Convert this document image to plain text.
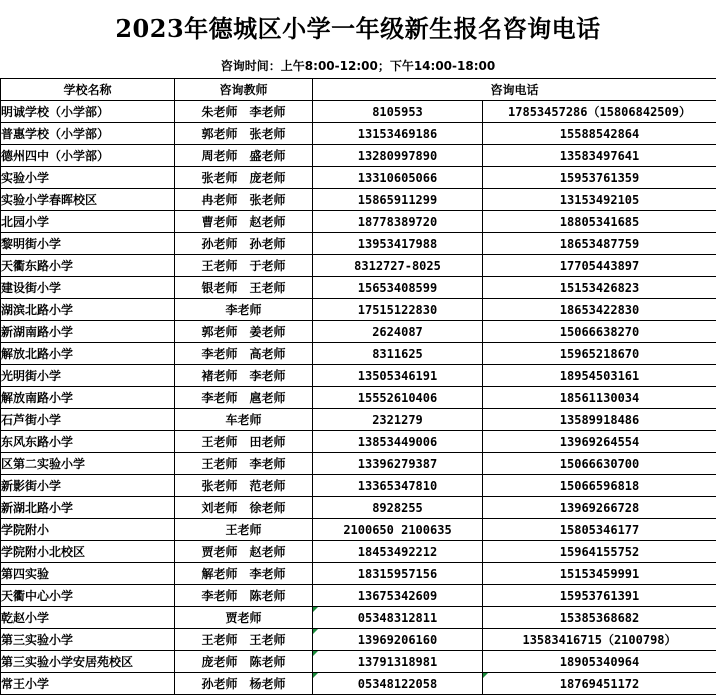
2023年德城区小学一年级新生报名咨询电话
咨询时间：上午8:00-12:00；下午14:00-18:00
学校名称	咨询教师	咨询电话	
明诚学校（小学部）	朱老师　李老师	8105953	17853457286（15806842509）
普惠学校（小学部）	郭老师　张老师	13153469186	15588542864
德州四中（小学部）	周老师　盛老师	13280997890	13583497641
实验小学	张老师　庞老师	13310605066	15953761359
实验小学春晖校区	冉老师　张老师	15865911299	13153492105
北园小学	曹老师　赵老师	18778389720	18805341685
黎明街小学	孙老师　孙老师	13953417988	18653487759
天衢东路小学	王老师　于老师	8312727-8025	17705443897
建设街小学	银老师　王老师	15653408599	15153426823
湖滨北路小学	李老师	17515122830	18653422830
新湖南路小学	郭老师　姜老师	2624087	15066638270
解放北路小学	李老师　高老师	8311625	15965218670
光明街小学	褚老师　李老师	13505346191	18954503161
解放南路小学	李老师　扈老师	15552610406	18561130034
石芦街小学	车老师	2321279	13589918486
东风东路小学	王老师　田老师	13853449006	13969264554
区第二实验小学	王老师　李老师	13396279387	15066630700
新影街小学	张老师　范老师	13365347810	15066596818
新湖北路小学	刘老师　徐老师	8928255	13969266728
学院附小	王老师	2100650 2100635	15805346177
学院附小北校区	贾老师　赵老师	18453492212	15964155752
第四实验	解老师　李老师	18315957156	15153459991
天衢中心小学	李老师　陈老师	13675342609	15953761391
乾赵小学	贾老师	05348312811	15385368682
第三实验小学	王老师　王老师	13969206160	13583416715（2100798）
第三实验小学安居苑校区	庞老师　陈老师	13791318981	18905340964
常王小学	孙老师　杨老师	05348122058	18769451172
